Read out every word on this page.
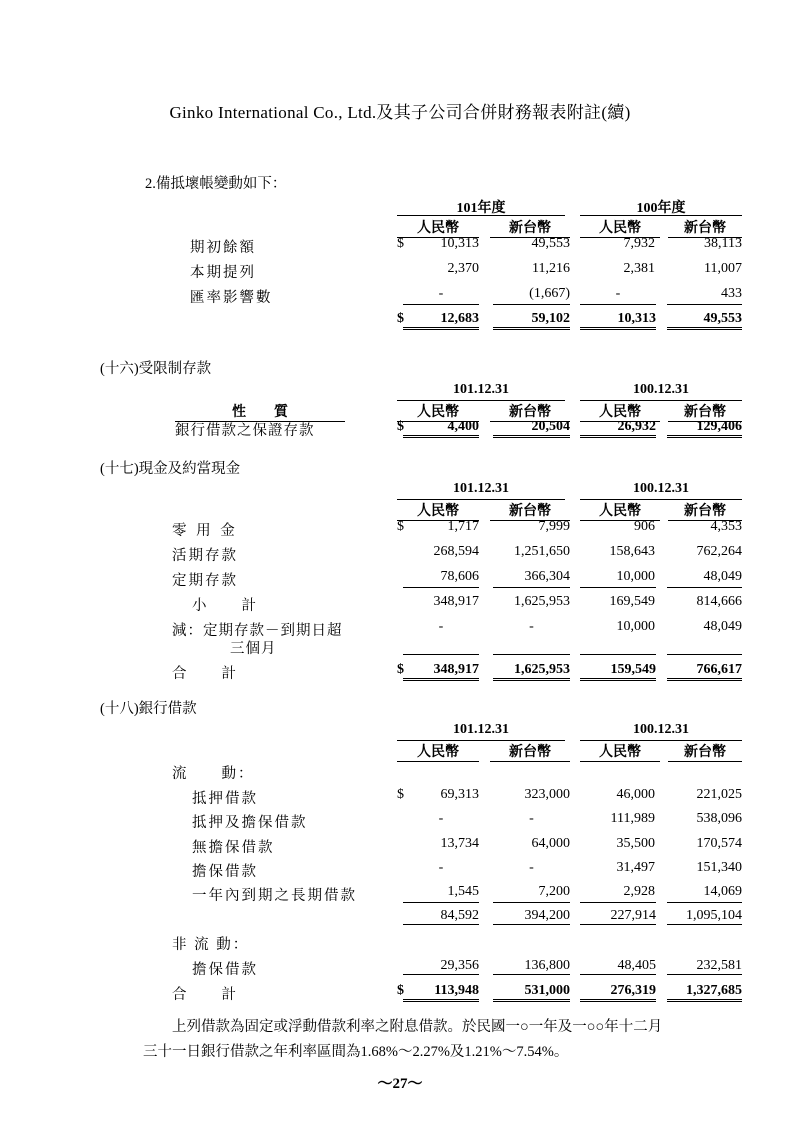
Ginko International Co., Ltd.及其子公司合併財務報表附註(續)
2.備抵壞帳變動如下：
101年度	100年度
人民幣	新台幣	人民幣	新台幣
期初餘額	$	10,313	49,553	7,932	38,113
本期提列	2,370	11,216	2,381	11,007
匯率影響數	-	(1,667)	-	433
$	12,683	59,102	10,313	49,553
(十六)受限制存款
101.12.31	100.12.31
性　　質	人民幣	新台幣	人民幣	新台幣
銀行借款之保證存款	$	4,400	20,504	26,932	129,406
(十七)現金及約當現金
101.12.31	100.12.31
人民幣	新台幣	人民幣	新台幣
零 用 金	$	1,717	7,999	906	4,353
活期存款	268,594	1,251,650	158,643	762,264
定期存款	78,606	366,304	10,000	48,049
小　　計	348,917	1,625,953	169,549	814,666
減：定期存款－到期日超
三個月
-	-	10,000	48,049
合　　計	$	348,917	1,625,953	159,549	766,617
(十八)銀行借款
101.12.31	100.12.31
人民幣	新台幣	人民幣	新台幣
流　　動：
抵押借款	$	69,313	323,000	46,000	221,025
抵押及擔保借款	-	-	111,989	538,096
無擔保借款	13,734	64,000	35,500	170,574
擔保借款	-	-	31,497	151,340
一年內到期之長期借款	1,545	7,200	2,928	14,069
84,592	394,200	227,914	1,095,104
非 流 動：
擔保借款	29,356	136,800	48,405	232,581
合　　計	$	113,948	531,000	276,319	1,327,685
上列借款為固定或浮動借款利率之附息借款。於民國一○一年及一○○年十二月
三十一日銀行借款之年利率區間為1.68%～2.27%及1.21%～7.54%。
～27～
